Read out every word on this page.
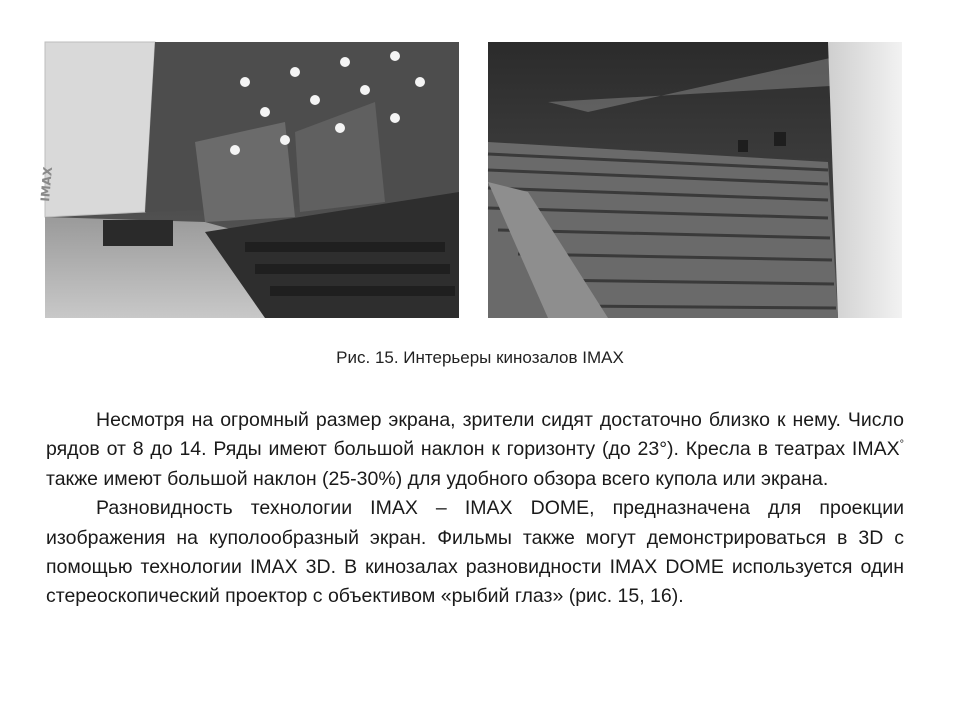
IMAX
Рис. 15. Интерьеры кинозалов IMAX

Несмотря на огромный размер экрана, зрители сидят достаточно близко к нему. Число рядов от 8 до 14. Ряды имеют большой наклон к горизонту (до 23°). Кресла в театрах IMAX° также имеют большой наклон (25-30%) для удобного обзора всего купола или экрана.

Разновидность технологии IMAX – IMAX DOME, предназначена для проекции изображения на куполообразный экран. Фильмы также могут демонстрироваться в 3D с помощью технологии IMAX 3D. В кинозалах разновидности IMAX DOME используется один стереоскопический проектор с объективом «рыбий глаз» (рис. 15, 16).
